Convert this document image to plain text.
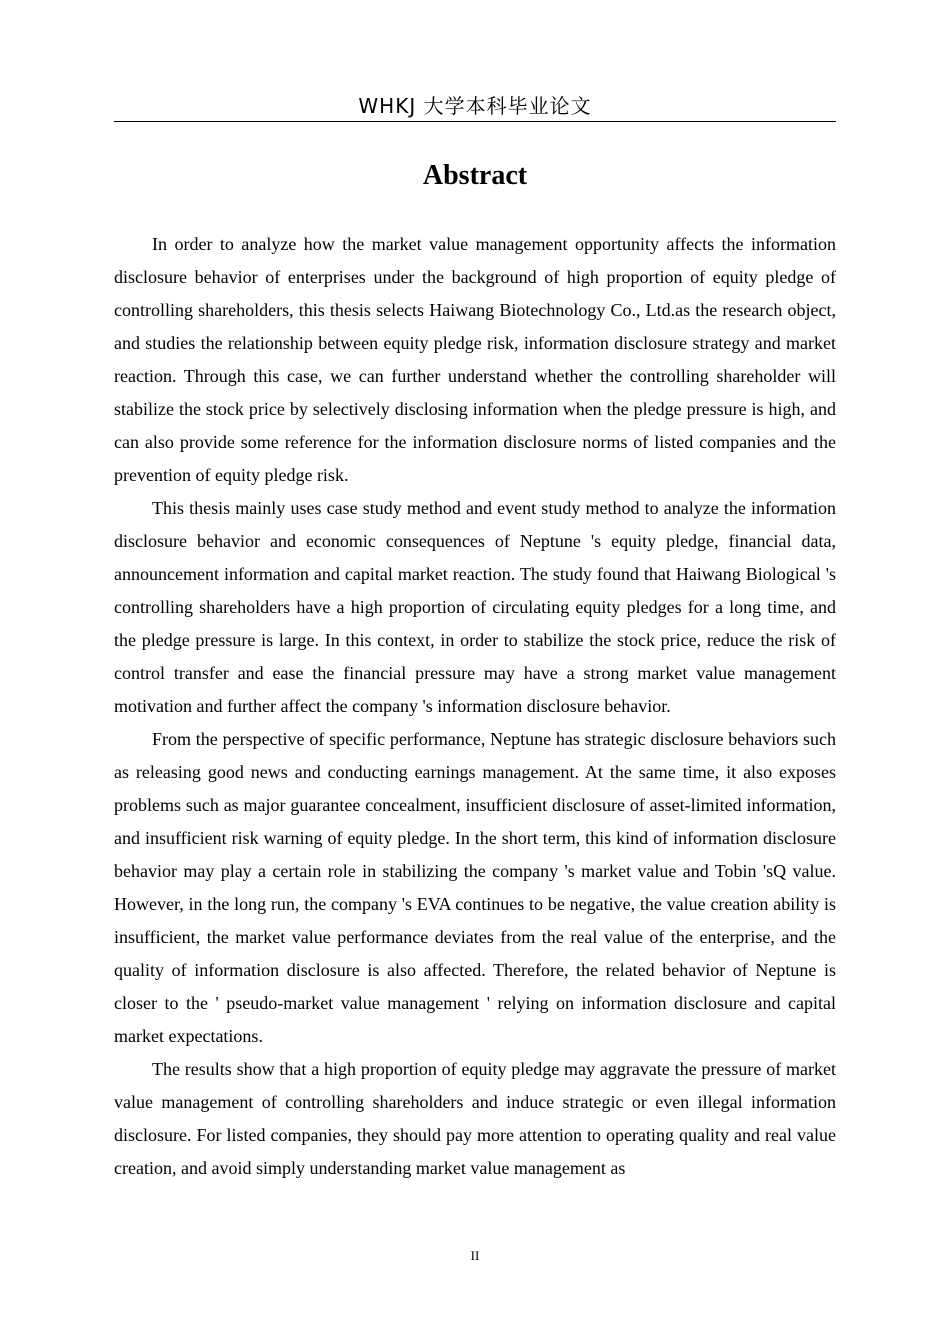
WHKJ 大学本科毕业论文
Abstract

In order to analyze how the market value management opportunity affects the information disclosure behavior of enterprises under the background of high proportion of equity pledge of controlling shareholders, this thesis selects Haiwang Biotechnology Co., Ltd.as the research object, and studies the relationship between equity pledge risk, information disclosure strategy and market reaction. Through this case, we can further understand whether the controlling shareholder will stabilize the stock price by selectively disclosing information when the pledge pressure is high, and can also provide some reference for the information disclosure norms of listed companies and the prevention of equity pledge risk.

This thesis mainly uses case study method and event study method to analyze the information disclosure behavior and economic consequences of Neptune 's equity pledge, financial data, announcement information and capital market reaction. The study found that Haiwang Biological 's controlling shareholders have a high proportion of circulating equity pledges for a long time, and the pledge pressure is large. In this context, in order to stabilize the stock price, reduce the risk of control transfer and ease the financial pressure may have a strong market value management motivation and further affect the company 's information disclosure behavior.

From the perspective of specific performance, Neptune has strategic disclosure behaviors such as releasing good news and conducting earnings management. At the same time, it also exposes problems such as major guarantee concealment, insufficient disclosure of asset-limited information, and insufficient risk warning of equity pledge. In the short term, this kind of information disclosure behavior may play a certain role in stabilizing the company 's market value and Tobin 'sQ value. However, in the long run, the company 's EVA continues to be negative, the value creation ability is insufficient, the market value performance deviates from the real value of the enterprise, and the quality of information disclosure is also affected. Therefore, the related behavior of Neptune is closer to the ' pseudo-market value management ' relying on information disclosure and capital market expectations.

The results show that a high proportion of equity pledge may aggravate the pressure of market value management of controlling shareholders and induce strategic or even illegal information disclosure. For listed companies, they should pay more attention to operating quality and real value creation, and avoid simply understanding market value management as

II
